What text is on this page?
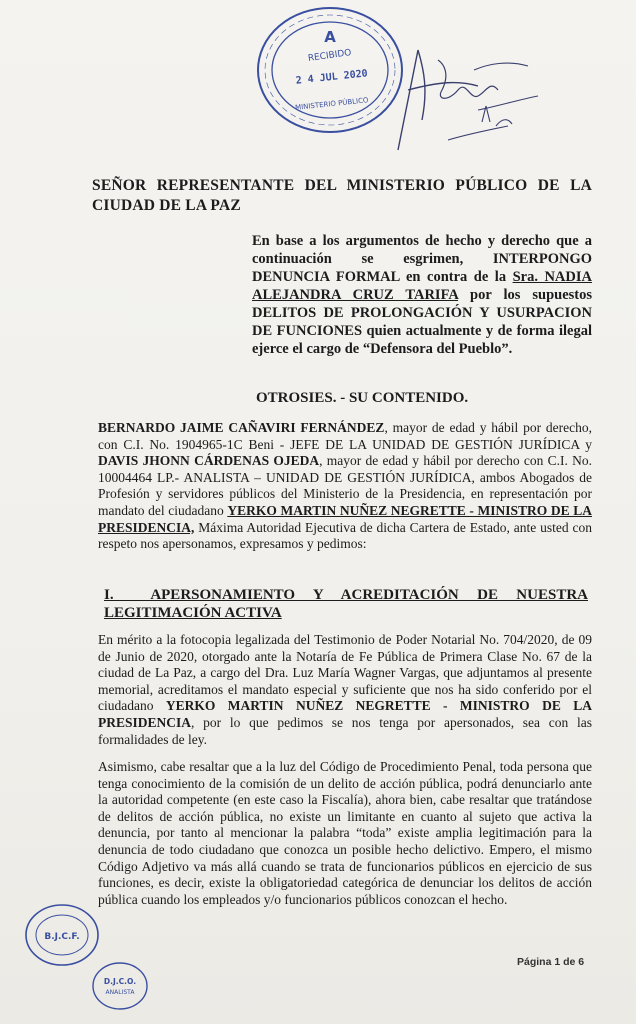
A
RECIBIDO
2 4 JUL 2020
MINISTERIO PÚBLICO
SEÑOR REPRESENTANTE DEL MINISTERIO PÚBLICO DE LA CIUDAD DE LA PAZ
En base a los argumentos de hecho y derecho que a continuación se esgrimen, INTERPONGO DENUNCIA FORMAL en contra de la Sra. NADIA ALEJANDRA CRUZ TARIFA por los supuestos DELITOS DE PROLONGACIÓN Y USURPACION DE FUNCIONES quien actualmente y de forma ilegal ejerce el cargo de “Defensora del Pueblo”.
OTROSIES. - SU CONTENIDO.
BERNARDO JAIME CAÑAVIRI FERNÁNDEZ, mayor de edad y hábil por derecho, con C.I. No. 1904965-1C Beni - JEFE DE LA UNIDAD DE GESTIÓN JURÍDICA y DAVIS JHONN CÁRDENAS OJEDA, mayor de edad y hábil por derecho con C.I. No. 10004464 LP.- ANALISTA – UNIDAD DE GESTIÓN JURÍDICA, ambos Abogados de Profesión y servidores públicos del Ministerio de la Presidencia, en representación por mandato del ciudadano YERKO MARTIN NUÑEZ NEGRETTE - MINISTRO DE LA PRESIDENCIA, Máxima Autoridad Ejecutiva de dicha Cartera de Estado, ante usted con respeto nos apersonamos, expresamos y pedimos:
I.  APERSONAMIENTO Y ACREDITACIÓN DE NUESTRA LEGITIMACIÓN ACTIVA
En mérito a la fotocopia legalizada del Testimonio de Poder Notarial No. 704/2020, de 09 de Junio de 2020, otorgado ante la Notaría de Fe Pública de Primera Clase No. 67 de la ciudad de La Paz, a cargo del Dra. Luz María Wagner Vargas, que adjuntamos al presente memorial, acreditamos el mandato especial y suficiente que nos ha sido conferido por el ciudadano YERKO MARTIN NUÑEZ NEGRETTE - MINISTRO DE LA PRESIDENCIA, por lo que pedimos se nos tenga por apersonados, sea con las formalidades de ley.
Asimismo, cabe resaltar que a la luz del Código de Procedimiento Penal, toda persona que tenga conocimiento de la comisión de un delito de acción pública, podrá denunciarlo ante la autoridad competente (en este caso la Fiscalía), ahora bien, cabe resaltar que tratándose de delitos de acción pública, no existe un limitante en cuanto al sujeto que activa la denuncia, por tanto al mencionar la palabra “toda” existe amplia legitimación para la denuncia de todo ciudadano que conozca un posible hecho delictivo. Empero, el mismo Código Adjetivo va más allá cuando se trata de funcionarios públicos en ejercicio de sus funciones, es decir, existe la obligatoriedad categórica de denunciar los delitos de acción pública cuando los empleados y/o funcionarios públicos conozcan el hecho.
B.J.C.F.
D.J.C.O.
ANALISTA
Página 1 de 6
